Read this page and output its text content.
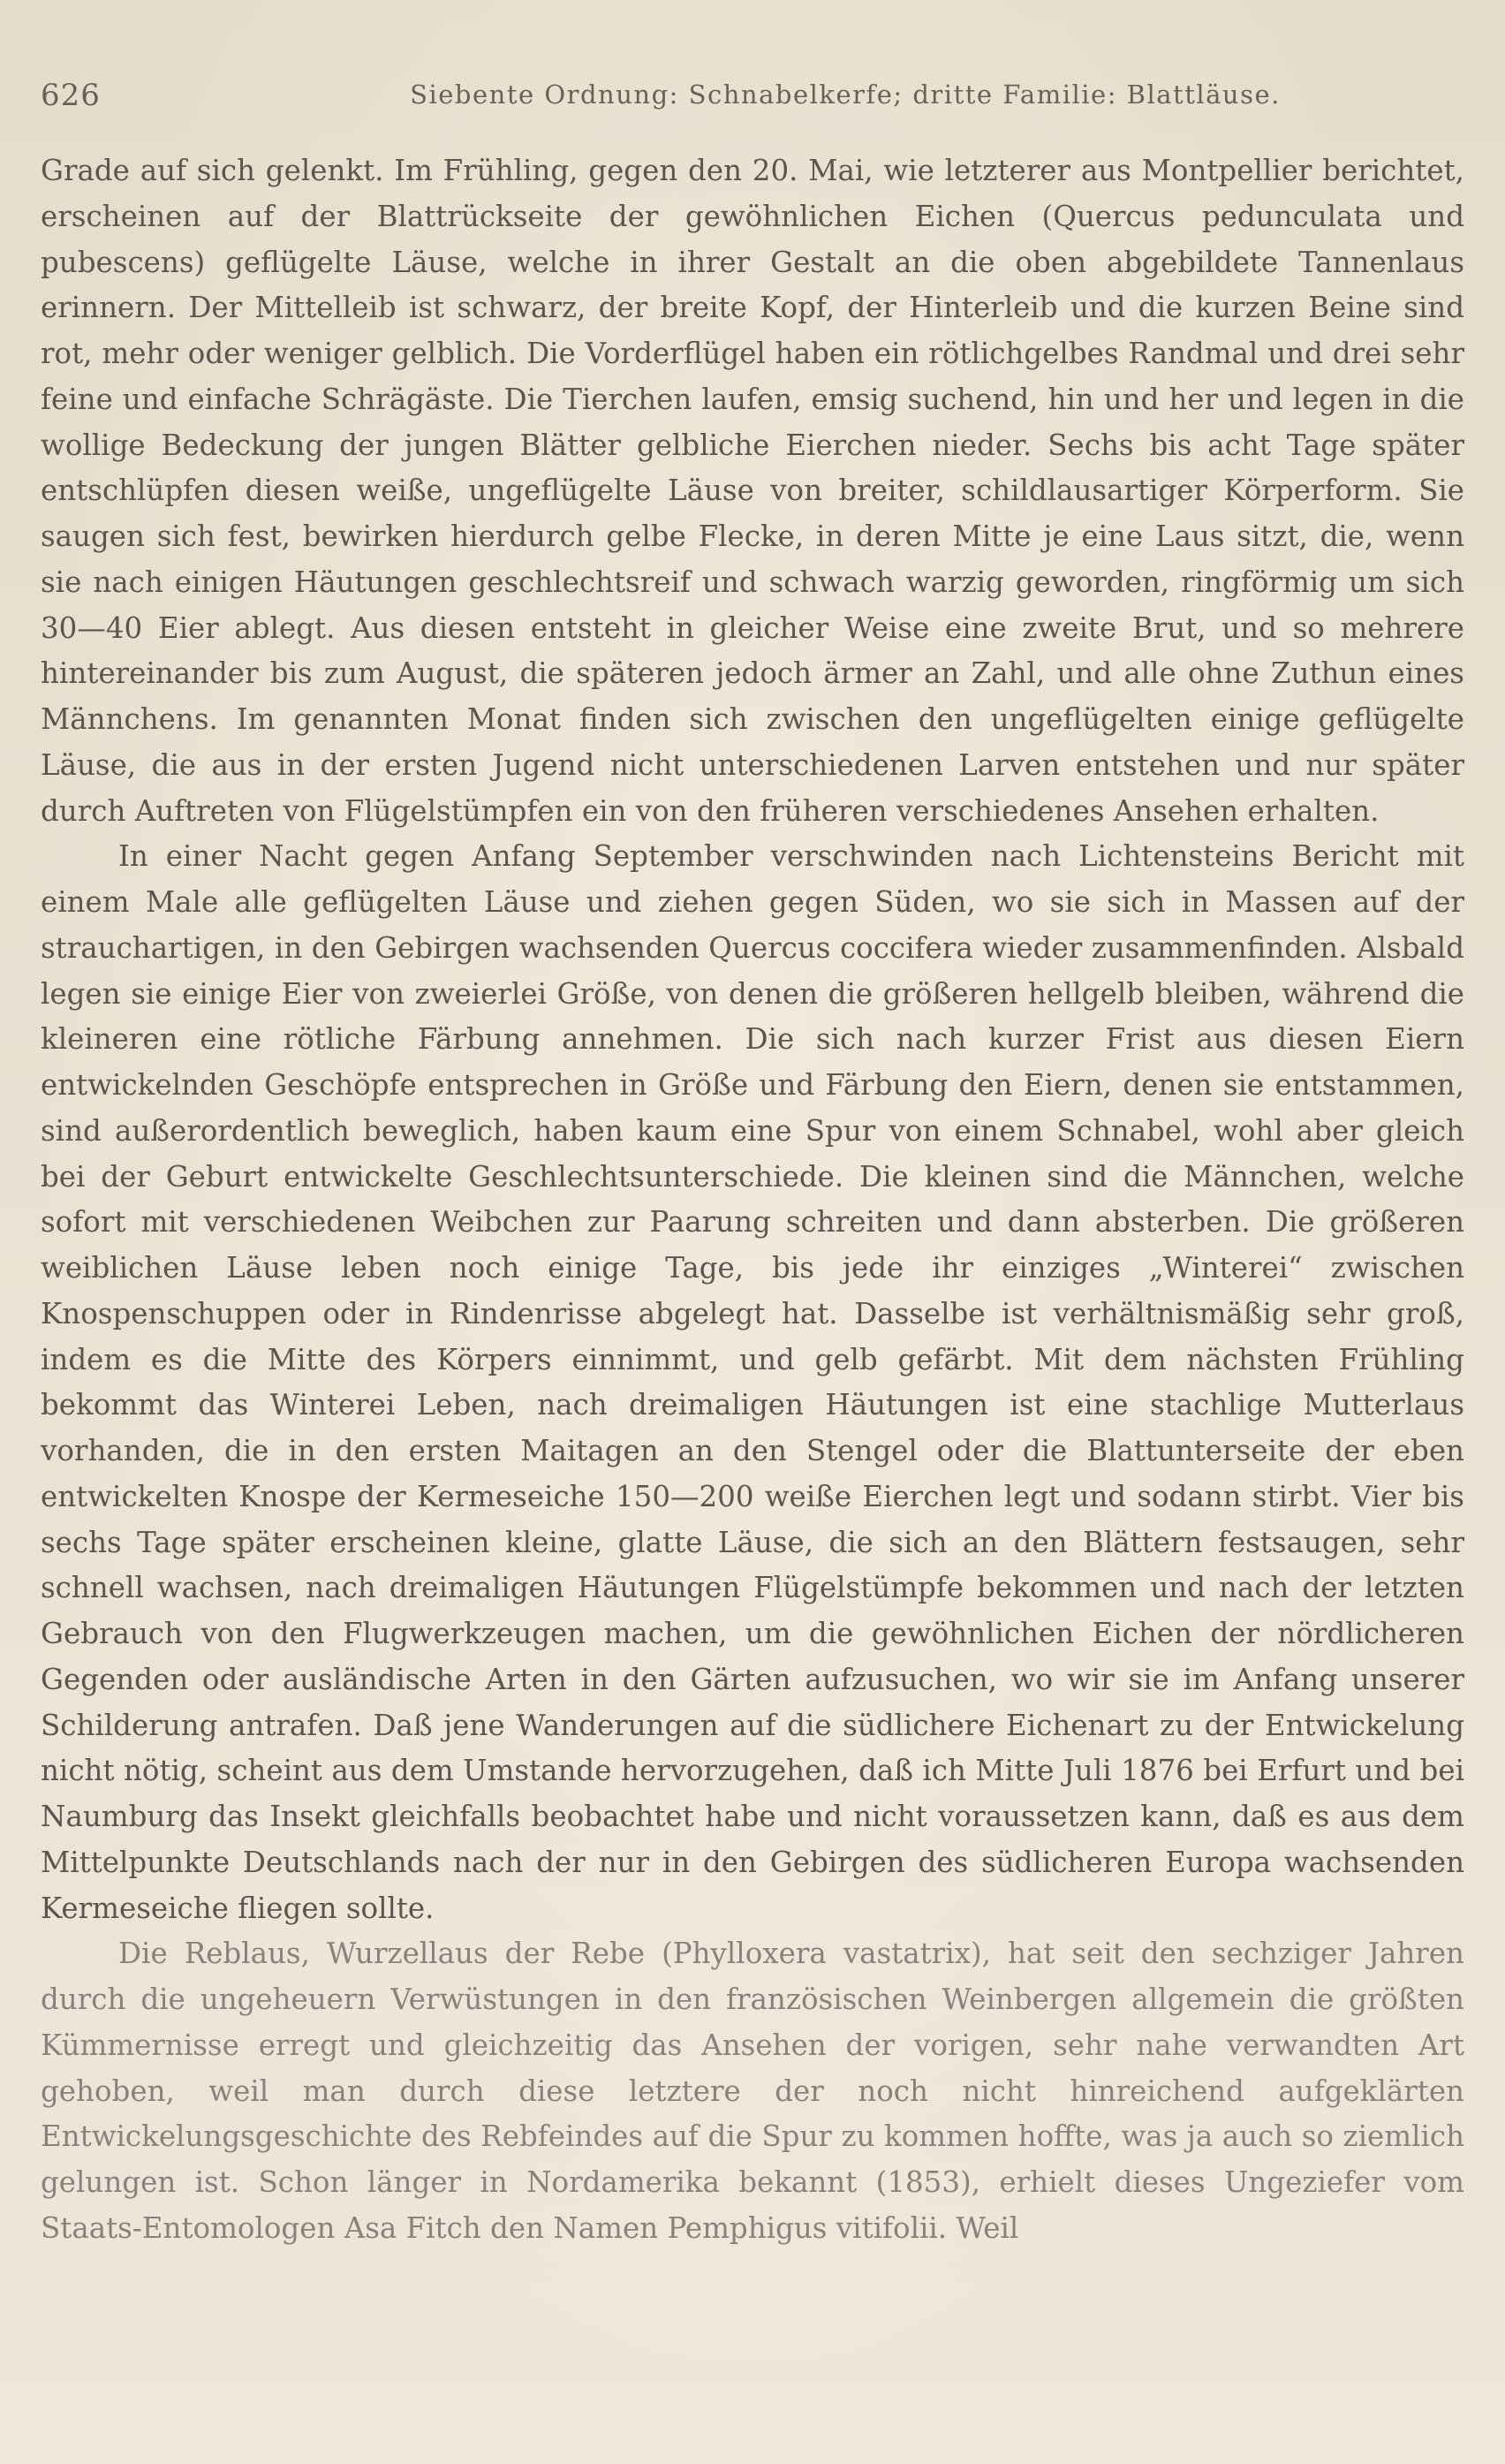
626	Siebente Ordnung: Schnabelkerfe; dritte Familie: Blattläuse.

Grade auf sich gelenkt. Im Frühling, gegen den 20. Mai, wie letzterer aus Montpellier berichtet, erscheinen auf der Blattrückseite der gewöhnlichen Eichen (Quercus pedunculata und pubescens) geflügelte Läuse, welche in ihrer Gestalt an die oben abgebildete Tannenlaus erinnern. Der Mittelleib ist schwarz, der breite Kopf, der Hinterleib und die kurzen Beine sind rot, mehr oder weniger gelblich. Die Vorderflügel haben ein rötlichgelbes Randmal und drei sehr feine und einfache Schrägäste. Die Tierchen laufen, emsig suchend, hin und her und legen in die wollige Bedeckung der jungen Blätter gelbliche Eierchen nieder. Sechs bis acht Tage später entschlüpfen diesen weiße, ungeflügelte Läuse von breiter, schildlausartiger Körperform. Sie saugen sich fest, bewirken hierdurch gelbe Flecke, in deren Mitte je eine Laus sitzt, die, wenn sie nach einigen Häutungen geschlechtsreif und schwach warzig geworden, ringförmig um sich 30—40 Eier ablegt. Aus diesen entsteht in gleicher Weise eine zweite Brut, und so mehrere hintereinander bis zum August, die späteren jedoch ärmer an Zahl, und alle ohne Zuthun eines Männchens. Im genannten Monat finden sich zwischen den ungeflügelten einige geflügelte Läuse, die aus in der ersten Jugend nicht unterschiedenen Larven entstehen und nur später durch Auftreten von Flügelstümpfen ein von den früheren verschiedenes Ansehen erhalten.

In einer Nacht gegen Anfang September verschwinden nach Lichtensteins Bericht mit einem Male alle geflügelten Läuse und ziehen gegen Süden, wo sie sich in Massen auf der strauchartigen, in den Gebirgen wachsenden Quercus coccifera wieder zusammenfinden. Alsbald legen sie einige Eier von zweierlei Größe, von denen die größeren hellgelb bleiben, während die kleineren eine rötliche Färbung annehmen. Die sich nach kurzer Frist aus diesen Eiern entwickelnden Geschöpfe entsprechen in Größe und Färbung den Eiern, denen sie entstammen, sind außerordentlich beweglich, haben kaum eine Spur von einem Schnabel, wohl aber gleich bei der Geburt entwickelte Geschlechtsunterschiede. Die kleinen sind die Männchen, welche sofort mit verschiedenen Weibchen zur Paarung schreiten und dann absterben. Die größeren weiblichen Läuse leben noch einige Tage, bis jede ihr einziges „Winterei“ zwischen Knospenschuppen oder in Rindenrisse abgelegt hat. Dasselbe ist verhältnismäßig sehr groß, indem es die Mitte des Körpers einnimmt, und gelb gefärbt. Mit dem nächsten Frühling bekommt das Winterei Leben, nach dreimaligen Häutungen ist eine stachlige Mutterlaus vorhanden, die in den ersten Maitagen an den Stengel oder die Blattunterseite der eben entwickelten Knospe der Kermeseiche 150—200 weiße Eierchen legt und sodann stirbt. Vier bis sechs Tage später erscheinen kleine, glatte Läuse, die sich an den Blättern festsaugen, sehr schnell wachsen, nach dreimaligen Häutungen Flügelstümpfe bekommen und nach der letzten Gebrauch von den Flugwerkzeugen machen, um die gewöhnlichen Eichen der nördlicheren Gegenden oder ausländische Arten in den Gärten aufzusuchen, wo wir sie im Anfang unserer Schilderung antrafen. Daß jene Wanderungen auf die südlichere Eichenart zu der Entwickelung nicht nötig, scheint aus dem Umstande hervorzugehen, daß ich Mitte Juli 1876 bei Erfurt und bei Naumburg das Insekt gleichfalls beobachtet habe und nicht voraussetzen kann, daß es aus dem Mittelpunkte Deutschlands nach der nur in den Gebirgen des südlicheren Europa wachsenden Kermeseiche fliegen sollte.

Die Reblaus, Wurzellaus der Rebe (Phylloxera vastatrix), hat seit den sechziger Jahren durch die ungeheuern Verwüstungen in den französischen Weinbergen allgemein die größten Kümmernisse erregt und gleichzeitig das Ansehen der vorigen, sehr nahe verwandten Art gehoben, weil man durch diese letztere der noch nicht hinreichend aufgeklärten Entwickelungsgeschichte des Rebfeindes auf die Spur zu kommen hoffte, was ja auch so ziemlich gelungen ist. Schon länger in Nordamerika bekannt (1853), erhielt dieses Ungeziefer vom Staats-Entomologen Asa Fitch den Namen Pemphigus vitifolii. Weil
